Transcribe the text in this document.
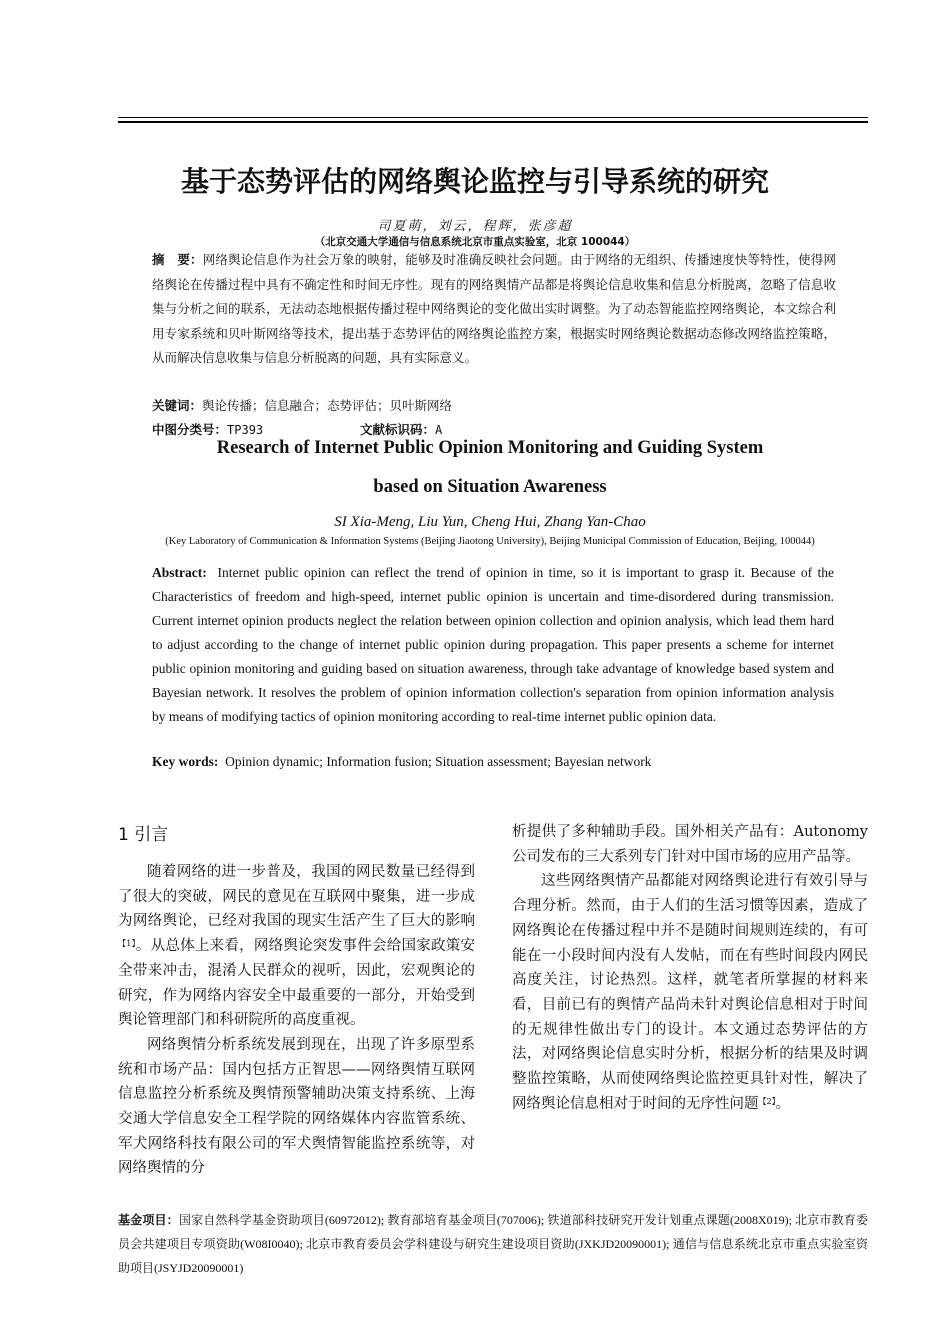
基于态势评估的网络舆论监控与引导系统的研究
司夏萌，刘云，程辉，张彦超
（北京交通大学通信与信息系统北京市重点实验室，北京 100044）
摘　要：网络舆论信息作为社会万象的映射，能够及时准确反映社会问题。由于网络的无组织、传播速度快等特性，使得网络舆论在传播过程中具有不确定性和时间无序性。现有的网络舆情产品都是将舆论信息收集和信息分析脱离，忽略了信息收集与分析之间的联系，无法动态地根据传播过程中网络舆论的变化做出实时调整。为了动态智能监控网络舆论，本文综合利用专家系统和贝叶斯网络等技术，提出基于态势评估的网络舆论监控方案，根据实时网络舆论数据动态修改网络监控策略，从而解决信息收集与信息分析脱离的问题，具有实际意义。
关键词：舆论传播；信息融合；态势评估；贝叶斯网络
中图分类号：TP393	文献标识码：A
Research of Internet Public Opinion Monitoring and Guiding System
based on Situation Awareness
SI Xia-Meng, Liu Yun, Cheng Hui, Zhang Yan-Chao
(Key Laboratory of Communication & Information Systems (Beijing Jiaotong University), Beijing Municipal Commission of Education, Beijing, 100044)
Abstract: Internet public opinion can reflect the trend of opinion in time, so it is important to grasp it. Because of the Characteristics of freedom and high-speed, internet public opinion is uncertain and time-disordered during transmission. Current internet opinion products neglect the relation between opinion collection and opinion analysis, which lead them hard to adjust according to the change of internet public opinion during propagation. This paper presents a scheme for internet public opinion monitoring and guiding based on situation awareness, through take advantage of knowledge based system and Bayesian network. It resolves the problem of opinion information collection's separation from opinion information analysis by means of modifying tactics of opinion monitoring according to real-time internet public opinion data.
Key words: Opinion dynamic; Information fusion; Situation assessment; Bayesian network
1 引言

随着网络的进一步普及，我国的网民数量已经得到了很大的突破，网民的意见在互联网中聚集，进一步成为网络舆论，已经对我国的现实生活产生了巨大的影响$^{【1】}$。从总体上来看，网络舆论突发事件会给国家政策安全带来冲击，混淆人民群众的视听，因此，宏观舆论的研究，作为网络内容安全中最重要的一部分，开始受到舆论管理部门和科研院所的高度重视。

网络舆情分析系统发展到现在，出现了许多原型系统和市场产品：国内包括方正智思——网络舆情互联网信息监控分析系统及舆情预警辅助决策支持系统、上海交通大学信息安全工程学院的网络媒体内容监管系统、军犬网络科技有限公司的军犬舆情智能监控系统等，对网络舆情的分

析提供了多种辅助手段。国外相关产品有：Autonomy公司发布的三大系列专门针对中国市场的应用产品等。

这些网络舆情产品都能对网络舆论进行有效引导与合理分析。然而，由于人们的生活习惯等因素，造成了网络舆论在传播过程中并不是随时间规则连续的，有可能在一小段时间内没有人发帖，而在有些时间段内网民高度关注，讨论热烈。这样，就笔者所掌握的材料来看，目前已有的舆情产品尚未针对舆论信息相对于时间的无规律性做出专门的设计。本文通过态势评估的方法，对网络舆论信息实时分析，根据分析的结果及时调整监控策略，从而使网络舆论监控更具针对性，解决了网络舆论信息相对于时间的无序性问题$^{【2】}$。

基金项目：国家自然科学基金资助项目(60972012); 教育部培育基金项目(707006); 铁道部科技研究开发计划重点课题(2008X019); 北京市教育委员会共建项目专项资助(W08I0040); 北京市教育委员会学科建设与研究生建设项目资助(JXKJD20090001); 通信与信息系统北京市重点实验室资助项目(JSYJD20090001)
